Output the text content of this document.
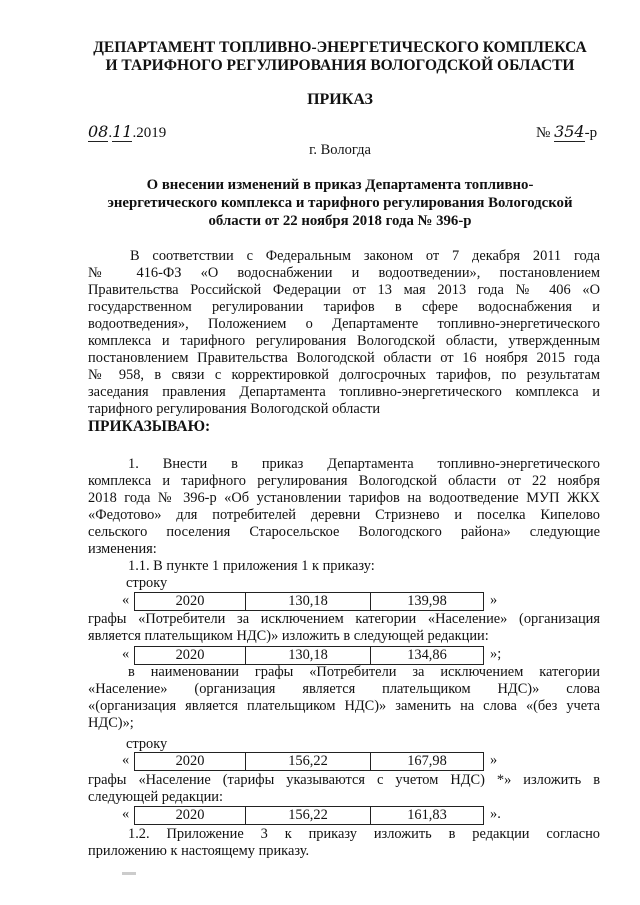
ДЕПАРТАМЕНТ ТОПЛИВНО-ЭНЕРГЕТИЧЕСКОГО КОМПЛЕКСА
И ТАРИФНОГО РЕГУЛИРОВАНИЯ ВОЛОГОДСКОЙ ОБЛАСТИ
ПРИКАЗ
08.11.2019	№ 354-р
г. Вологда
О внесении изменений в приказ Департамента топливно-
энергетического комплекса и тарифного регулирования Вологодской
области от 22 ноября 2018 года № 396-р
В соответствии с Федеральным законом от 7 декабря 2011 года
№ 416-ФЗ «О водоснабжении и водоотведении», постановлением
Правительства Российской Федерации от 13 мая 2013 года № 406 «О
государственном регулировании тарифов в сфере водоснабжения и
водоотведения», Положением о Департаменте топливно-энергетического
комплекса и тарифного регулирования Вологодской области, утвержденным
постановлением Правительства Вологодской области от 16 ноября 2015 года
№ 958, в связи с корректировкой долгосрочных тарифов, по результатам
заседания правления Департамента топливно-энергетического комплекса и
тарифного регулирования Вологодской области
ПРИКАЗЫВАЮ:
1. Внести в приказ Департамента топливно-энергетического
комплекса и тарифного регулирования Вологодской области от 22 ноября
2018 года № 396-р «Об установлении тарифов на водоотведение МУП ЖКХ
«Федотово» для потребителей деревни Стризнево и поселка Кипелово
сельского поселения Старосельское Вологодского района» следующие
изменения:
1.1. В пункте 1 приложения 1 к приказу:
строку
«	2020	130,18	139,98	»
графы «Потребители за исключением категории «Население» (организация
является плательщиком НДС)» изложить в следующей редакции:
«	2020	130,18	134,86	»;
в наименовании графы «Потребители за исключением категории
«Население» (организация является плательщиком НДС)» слова
«(организация является плательщиком НДС)» заменить на слова «(без учета
НДС)»;
строку
«	2020	156,22	167,98	»
графы «Население (тарифы указываются с учетом НДС) *» изложить в
следующей редакции:
«	2020	156,22	161,83	».
1.2. Приложение 3 к приказу изложить в редакции согласно
приложению к настоящему приказу.
